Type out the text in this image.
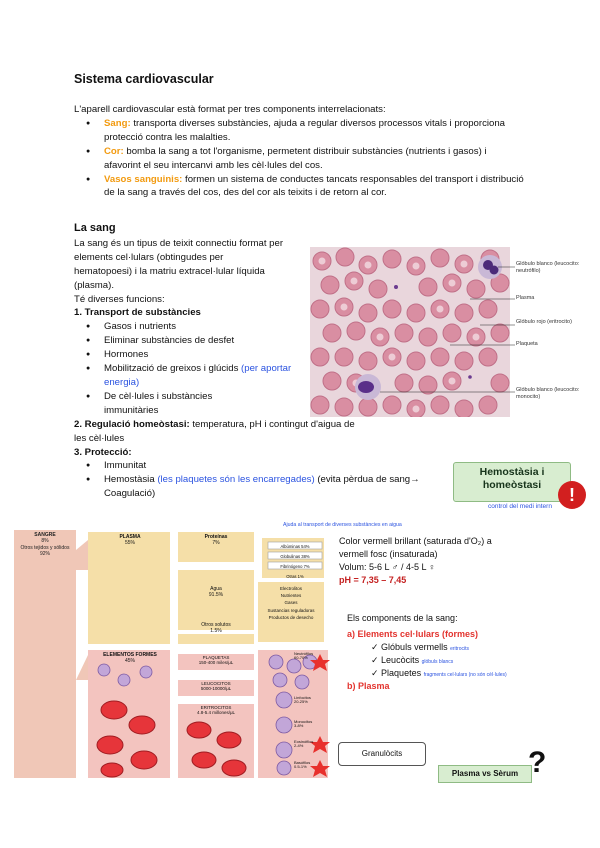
Sistema cardiovascular
L'aparell cardiovascular està format per tres components interrelacionats:
● Sang: transporta diverses substàncies, ajuda a regular diversos processos vitals i proporciona protecció contra les malalties.
● Cor: bomba la sang a tot l'organisme, permetent distribuir substàncies (nutrients i gasos) i afavorint el seu intercanvi amb les cèl·lules del cos.
● Vasos sanguinis: formen un sistema de conductes tancats responsables del transport i distribució de la sang a través del cos, des del cor als teixits i de retorn al cor.
La sang
La sang és un tipus de teixit connectiu format per elements cel·lulars (obtingudes per hematopoesi) i la matriu extracel·lular líquida (plasma).
Té diverses funcions:
1. Transport de substàncies
● Gasos i nutrients
● Eliminar substàncies de desfet
● Hormones
● Mobilització de greixos i glúcids (per aportar energia)
● De cèl·lules i substàncies immunitàries
2. Regulació homeòstasi: temperatura, pH i contingut d'aigua de les cèl·lules
3. Protecció:
● Immunitat
● Hemostàsia (les plaquetes són les encarregades) (evita pèrdua de sang→ Coagulació)
Glóbulo blanco (leucocito: neutrófilo)
Plasma
Glóbulo rojo (eritrocito)
Plaqueta
Glóbulo blanco (leucocito: monocito)
Hemostàsia i homeòstasi	!
control del medi intern
Ajuda al transport de diverses substàncies en aigua
SANGRE
8%
Otros tejidos y sólidos
92%
PLASMA
55%
Proteínas
7%
Agua
91.5%
Otros solutos
1.5%
Albúminas 54%
Globulinas 38%
Fibrinógeno 7%
Otras 1%
Electrolitos
Nutrientes
Gases
Sustancias reguladoras
Productos de desecho
ELEMENTOS FORMES
45%
PLAQUETAS
150-400 miles/μL
LEUCOCITOS
5000-10000/μL
ERITROCITOS
4.8-5.4 millones/μL
Neutrófilos
60-70%
Linfocitos
20-25%
Monocitos
3-8%
Eosinófilos
2-4%
Basófilos
0.5-1%
Color vermell brillant (saturada d'O₂) a vermell fosc (insaturada)
Volum: 5-6 L ♂ / 4-5 L ♀
pH = 7,35 – 7,45
Els components de la sang:
a) Elements cel·lulars (formes)
✓ Glóbuls vermells eritrocits
✓ Leucòcits glóbuls blancs
✓ Plaquetes fragments cel·lulars (no són cèl·lules)
b) Plasma
Granulòcits
Plasma vs Sèrum ?
